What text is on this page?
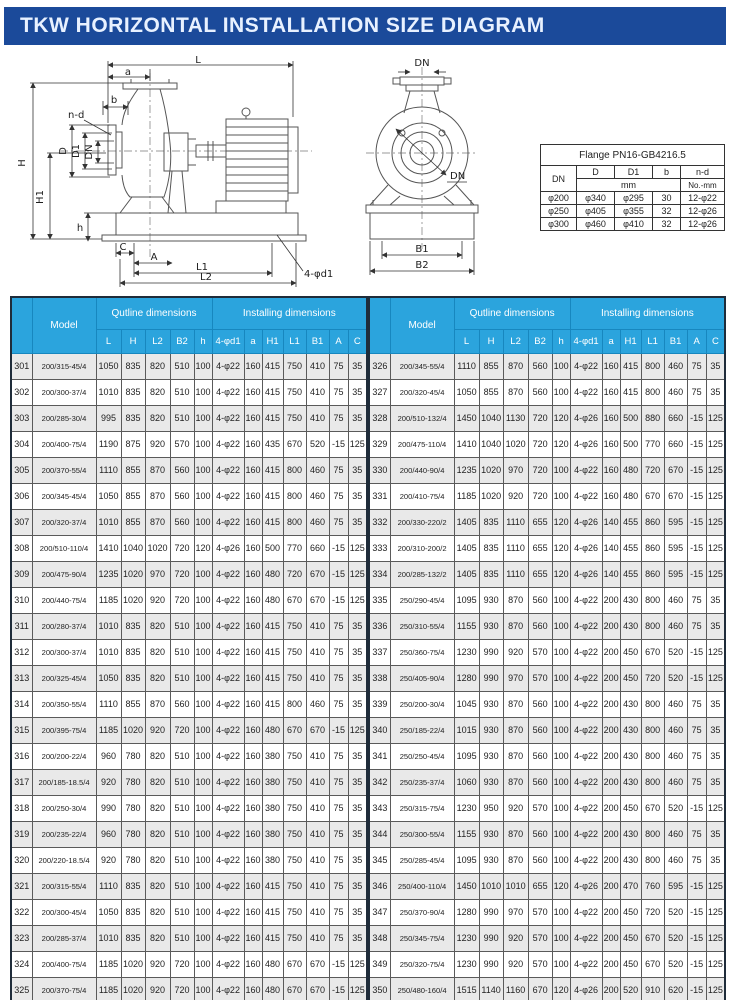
TKW HORIZONTAL INSTALLATION SIZE DIAGRAM
L
a
b
n-d
H
H1
D D1 DN
h
C
A
L1
L2	4-φd1
DN
DN
B1
B2
Flange PN16-GB4216.5				
DN	D	D1	b	n-d
	mm			No.-mm
φ200	φ340	φ295	30	12-φ22
φ250	φ405	φ355	32	12-φ26
φ300	φ460	φ410	32	12-φ26
	Model	Qutline dimensions					Installing dimensions						
		L	H	L2	B2	h	4-φd1	a	H1	L1	B1	A	C
301	200/315-45/4	1050	835	820	510	100	4-φ22	160	415	750	410	75	35
302	200/300-37/4	1010	835	820	510	100	4-φ22	160	415	750	410	75	35
303	200/285-30/4	995	835	820	510	100	4-φ22	160	415	750	410	75	35
304	200/400-75/4	1190	875	920	570	100	4-φ22	160	435	670	520	-15	125
305	200/370-55/4	1110	855	870	560	100	4-φ22	160	415	800	460	75	35
306	200/345-45/4	1050	855	870	560	100	4-φ22	160	415	800	460	75	35
307	200/320-37/4	1010	855	870	560	100	4-φ22	160	415	800	460	75	35
308	200/510-110/4	1410	1040	1020	720	120	4-φ26	160	500	770	660	-15	125
309	200/475-90/4	1235	1020	970	720	100	4-φ22	160	480	720	670	-15	125
310	200/440-75/4	1185	1020	920	720	100	4-φ22	160	480	670	670	-15	125
311	200/280-37/4	1010	835	820	510	100	4-φ22	160	415	750	410	75	35
312	200/300-37/4	1010	835	820	510	100	4-φ22	160	415	750	410	75	35
313	200/325-45/4	1050	835	820	510	100	4-φ22	160	415	750	410	75	35
314	200/350-55/4	1110	855	870	560	100	4-φ22	160	415	800	460	75	35
315	200/395-75/4	1185	1020	920	720	100	4-φ22	160	480	670	670	-15	125
316	200/200-22/4	960	780	820	510	100	4-φ22	160	380	750	410	75	35
317	200/185-18.5/4	920	780	820	510	100	4-φ22	160	380	750	410	75	35
318	200/250-30/4	990	780	820	510	100	4-φ22	160	380	750	410	75	35
319	200/235-22/4	960	780	820	510	100	4-φ22	160	380	750	410	75	35
320	200/220-18.5/4	920	780	820	510	100	4-φ22	160	380	750	410	75	35
321	200/315-55/4	1110	835	820	510	100	4-φ22	160	415	750	410	75	35
322	200/300-45/4	1050	835	820	510	100	4-φ22	160	415	750	410	75	35
323	200/285-37/4	1010	835	820	510	100	4-φ22	160	415	750	410	75	35
324	200/400-75/4	1185	1020	920	720	100	4-φ22	160	480	670	670	-15	125
325	200/370-75/4	1185	1020	920	720	100	4-φ22	160	480	670	670	-15	125
	Model	Qutline dimensions					Installing dimensions						
		L	H	L2	B2	h	4-φd1	a	H1	L1	B1	A	C
326	200/345-55/4	1110	855	870	560	100	4-φ22	160	415	800	460	75	35
327	200/320-45/4	1050	855	870	560	100	4-φ22	160	415	800	460	75	35
328	200/510-132/4	1450	1040	1130	720	120	4-φ26	160	500	880	660	-15	125
329	200/475-110/4	1410	1040	1020	720	120	4-φ26	160	500	770	660	-15	125
330	200/440-90/4	1235	1020	970	720	100	4-φ22	160	480	720	670	-15	125
331	200/410-75/4	1185	1020	920	720	100	4-φ22	160	480	670	670	-15	125
332	200/330-220/2	1405	835	1110	655	120	4-φ26	140	455	860	595	-15	125
333	200/310-200/2	1405	835	1110	655	120	4-φ26	140	455	860	595	-15	125
334	200/285-132/2	1405	835	1110	655	120	4-φ26	140	455	860	595	-15	125
335	250/290-45/4	1095	930	870	560	100	4-φ22	200	430	800	460	75	35
336	250/310-55/4	1155	930	870	560	100	4-φ22	200	430	800	460	75	35
337	250/360-75/4	1230	990	920	570	100	4-φ22	200	450	670	520	-15	125
338	250/405-90/4	1280	990	970	570	100	4-φ22	200	450	720	520	-15	125
339	250/200-30/4	1045	930	870	560	100	4-φ22	200	430	800	460	75	35
340	250/185-22/4	1015	930	870	560	100	4-φ22	200	430	800	460	75	35
341	250/250-45/4	1095	930	870	560	100	4-φ22	200	430	800	460	75	35
342	250/235-37/4	1060	930	870	560	100	4-φ22	200	430	800	460	75	35
343	250/315-75/4	1230	950	920	570	100	4-φ22	200	450	670	520	-15	125
344	250/300-55/4	1155	930	870	560	100	4-φ22	200	430	800	460	75	35
345	250/285-45/4	1095	930	870	560	100	4-φ22	200	430	800	460	75	35
346	250/400-110/4	1450	1010	1010	655	120	4-φ26	200	470	760	595	-15	125
347	250/370-90/4	1280	990	970	570	100	4-φ22	200	450	720	520	-15	125
348	250/345-75/4	1230	990	920	570	100	4-φ22	200	450	670	520	-15	125
349	250/320-75/4	1230	990	920	570	100	4-φ22	200	450	670	520	-15	125
350	250/480-160/4	1515	1140	1160	670	120	4-φ26	200	520	910	620	-15	125
